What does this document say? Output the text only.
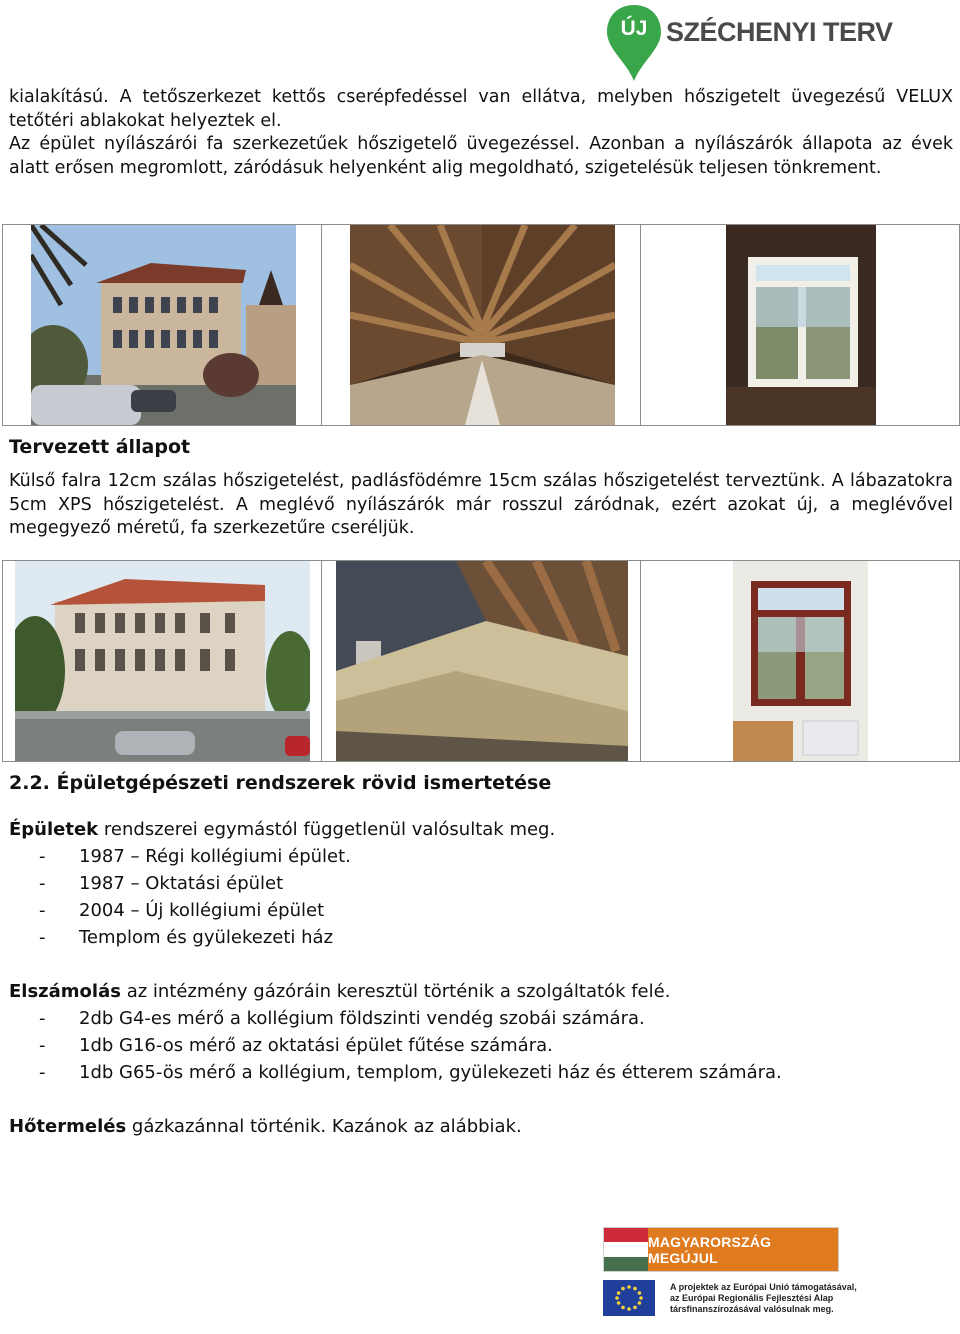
ÚJ SZÉCHENYI TERV

kialakítású. A tetőszerkezet kettős cserépfedéssel van ellátva, melyben hőszigetelt üvegezésű VELUX tetőtéri ablakokat helyeztek el.

Az épület nyílászárói fa szerkezetűek hőszigetelő üvegezéssel. Azonban a nyílászárók állapota az évek alatt erősen megromlott, záródásuk helyenként alig megoldható, szigetelésük teljesen tönkrement.

Tervezett állapot

Külső falra 12cm szálas hőszigetelést, padlásfödémre 15cm szálas hőszigetelést terveztünk. A lábazatokra 5cm XPS hőszigetelést. A meglévő nyílászárók már rosszul záródnak, ezért azokat új, a meglévővel megegyező méretű, fa szerkezetűre cseréljük.

2.2. Épületgépészeti rendszerek rövid ismertetése
Épületek rendszerei egymástól függetlenül valósultak meg.
-	1987 – Régi kollégiumi épület.
-	1987 – Oktatási épület
-	2004 – Új kollégiumi épület
-	Templom és gyülekezeti ház
Elszámolás az intézmény gázóráin keresztül történik a szolgáltatók felé.
-	2db G4-es mérő a kollégium földszinti vendég szobái számára.
-	1db G16-os mérő az oktatási épület fűtése számára.
-	1db G65-ös mérő a kollégium, templom, gyülekezeti ház és étterem számára.
Hőtermelés gázkazánnal történik. Kazánok az alábbiak.
MAGYARORSZÁG MEGÚJUL
A projektek az Európai Unió támogatásával,
az Európai Regionális Fejlesztési Alap
társfinanszírozásával valósulnak meg.
